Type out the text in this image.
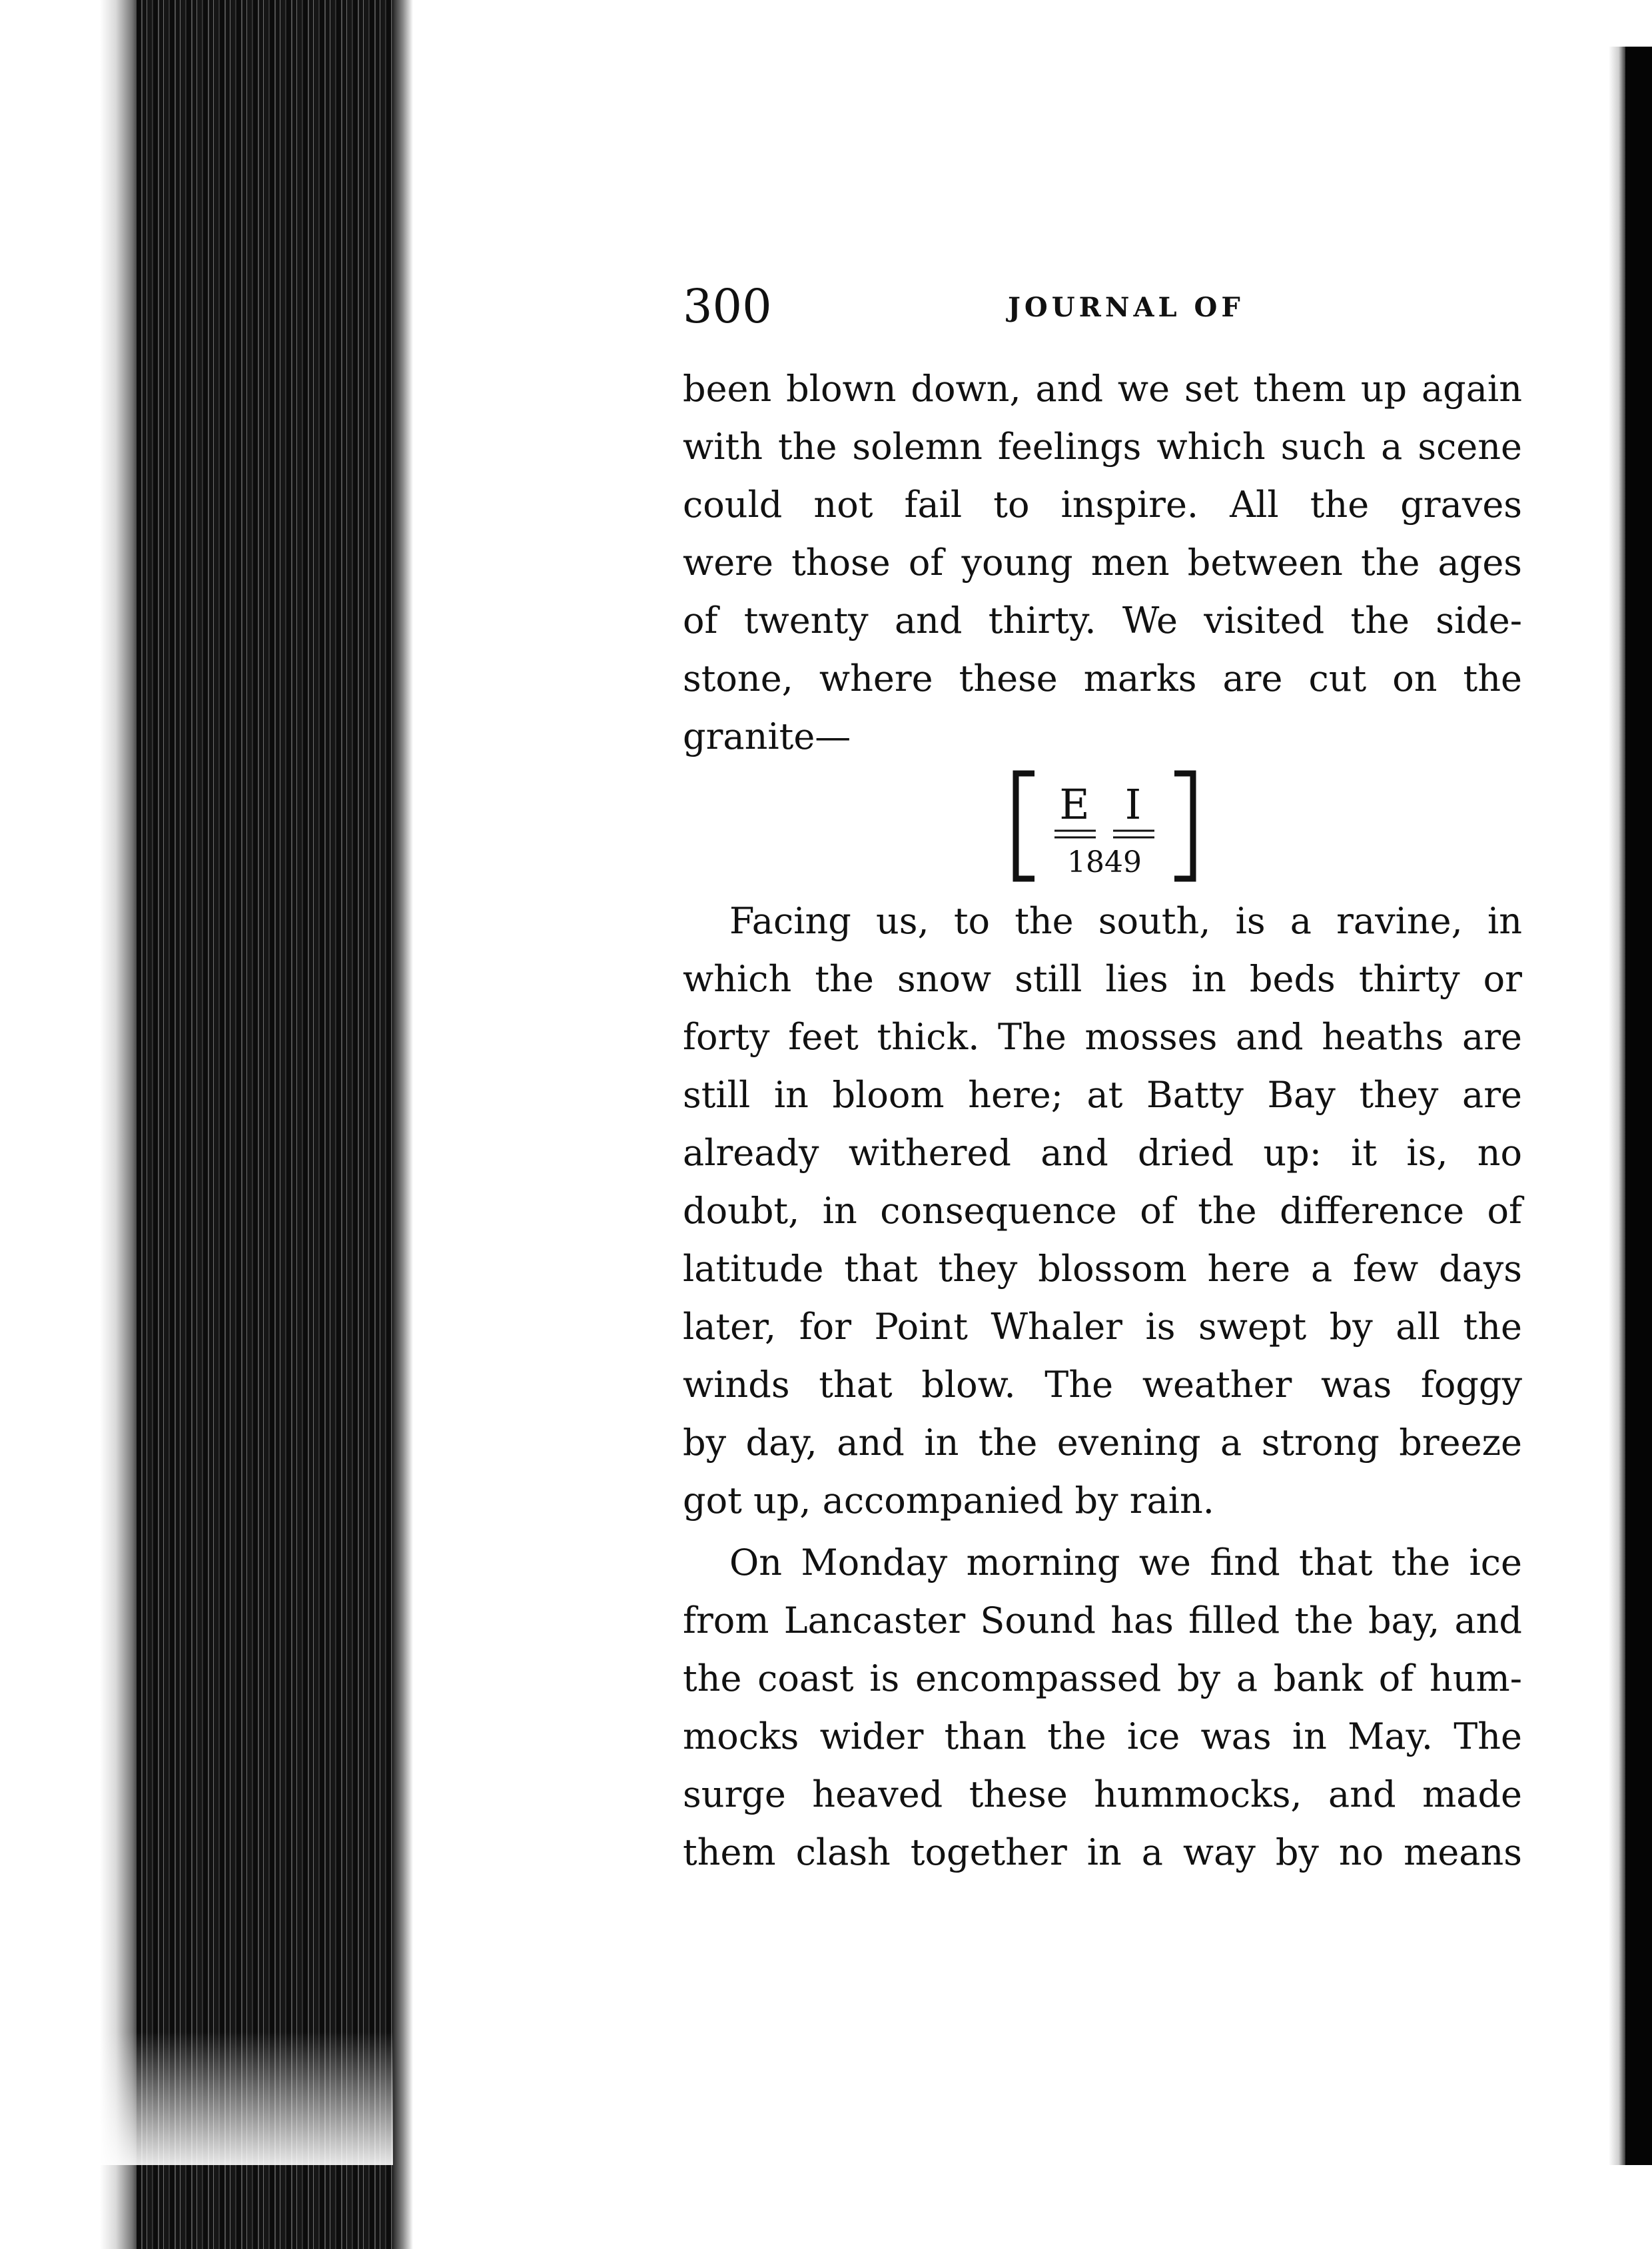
300	JOURNAL OF
been blown down, and we set them up again
with the solemn feelings which such a scene
could not fail to inspire. All the graves
were those of young men between the ages
of twenty and thirty. We visited the side-
stone, where these marks are cut on the
granite—
E I
1849
Facing us, to the south, is a ravine, in
which the snow still lies in beds thirty or
forty feet thick. The mosses and heaths are
still in bloom here; at Batty Bay they are
already withered and dried up: it is, no
doubt, in consequence of the difference of
latitude that they blossom here a few days
later, for Point Whaler is swept by all the
winds that blow. The weather was foggy
by day, and in the evening a strong breeze
got up, accompanied by rain.
On Monday morning we find that the ice
from Lancaster Sound has filled the bay, and
the coast is encompassed by a bank of hum-
mocks wider than the ice was in May. The
surge heaved these hummocks, and made
them clash together in a way by no means
